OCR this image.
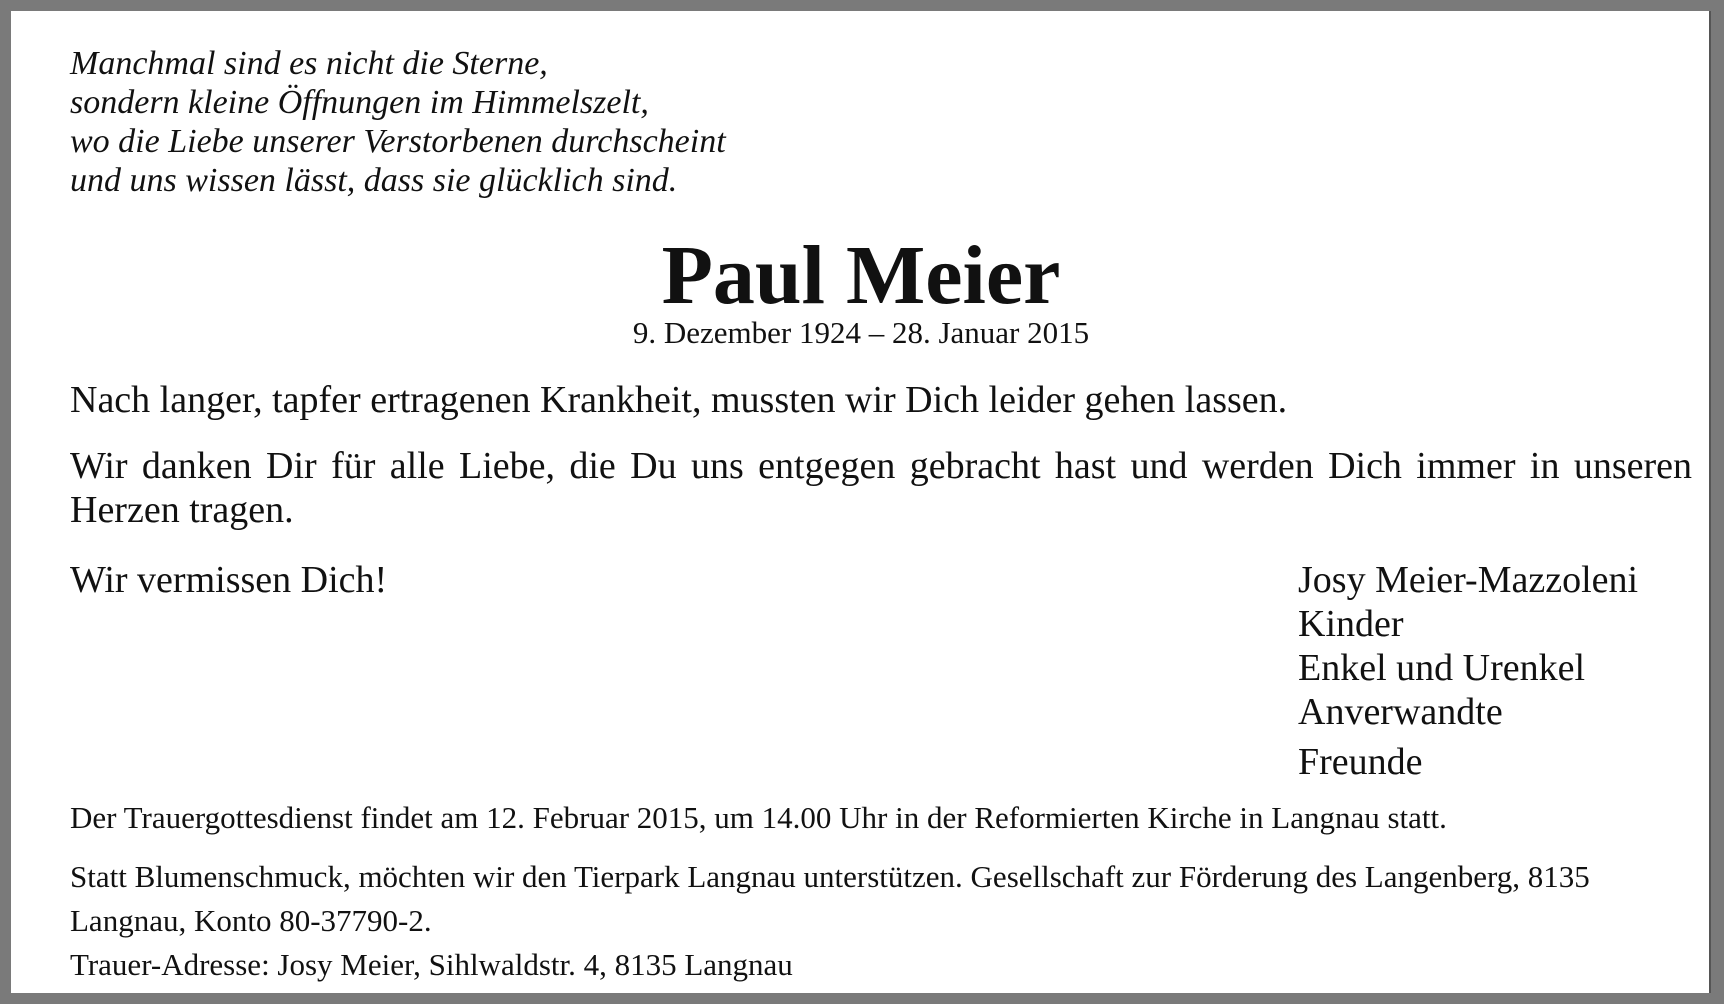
Manchmal sind es nicht die Sterne,
sondern kleine Öffnungen im Himmelszelt,
wo die Liebe unserer Verstorbenen durchscheint
und uns wissen lässt, dass sie glücklich sind.
Paul Meier
9. Dezember 1924 – 28. Januar 2015
Nach langer, tapfer ertragenen Krankheit, mussten wir Dich leider gehen lassen.
Wir danken Dir für alle Liebe, die Du uns entgegen gebracht hast und werden Dich immer in unseren Herzen tragen.
Wir vermissen Dich!	Josy Meier-Mazzoleni
Kinder
Enkel und Urenkel
Anverwandte
Freunde
Der Trauergottesdienst findet am 12. Februar 2015, um 14.00 Uhr in der Reformierten Kirche in Langnau statt.
Statt Blumenschmuck, möchten wir den Tierpark Langnau unterstützen. Gesellschaft zur Förderung des Langenberg, 8135 Langnau, Konto 80-37790-2.
Trauer-Adresse: Josy Meier, Sihlwaldstr. 4, 8135 Langnau
